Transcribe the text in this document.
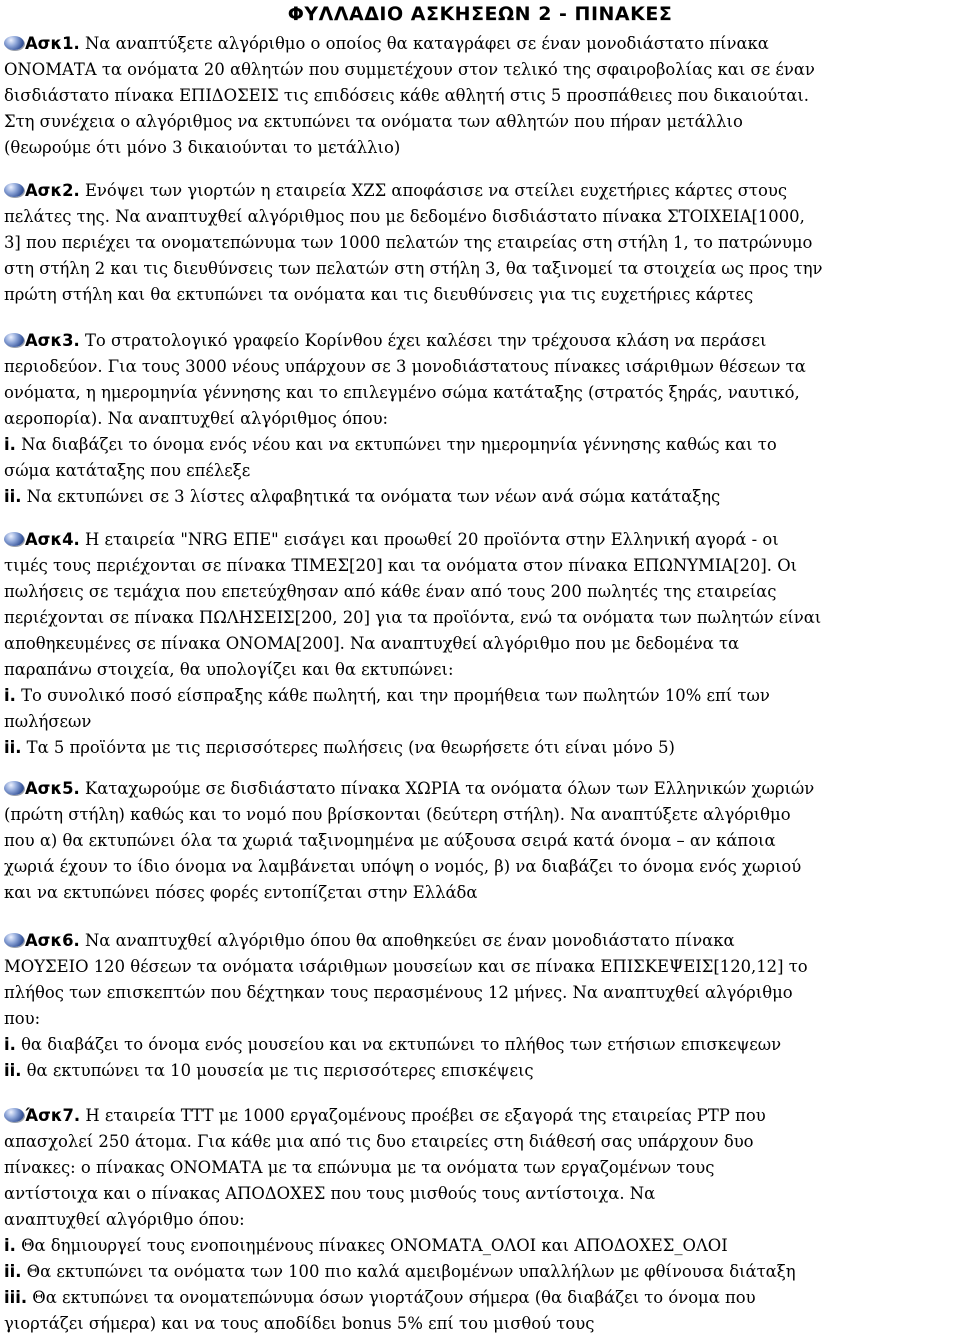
ΦΥΛΛΑΔΙΟ ΑΣΚΗΣΕΩΝ 2 - ΠΙΝΑΚΕΣ
Ασκ1. Να αναπτύξετε αλγόριθμο ο οποίος θα καταγράφει σε έναν μονοδιάστατο πίνακα
ΟΝΟΜΑΤΑ τα ονόματα 20 αθλητών που συμμετέχουν στον τελικό της σφαιροβολίας και σε έναν
δισδιάστατο πίνακα ΕΠΙΔΟΣΕΙΣ τις επιδόσεις κάθε αθλητή στις 5 προσπάθειες που δικαιούται.
Στη συνέχεια ο αλγόριθμος να εκτυπώνει τα ονόματα των αθλητών που πήραν μετάλλιο
(θεωρούμε ότι μόνο 3 δικαιούνται το μετάλλιο)
Ασκ2. Ενόψει των γιορτών η εταιρεία ΧΖΣ αποφάσισε να στείλει ευχετήριες κάρτες στους
πελάτες της. Να αναπτυχθεί αλγόριθμος που με δεδομένο δισδιάστατο πίνακα ΣΤΟΙΧΕΙΑ[1000,
3] που περιέχει τα ονοματεπώνυμα των 1000 πελατών της εταιρείας στη στήλη 1, το πατρώνυμο
στη στήλη 2 και τις διευθύνσεις των πελατών στη στήλη 3, θα ταξινομεί τα στοιχεία ως προς την
πρώτη στήλη και θα εκτυπώνει τα ονόματα και τις διευθύνσεις για τις ευχετήριες κάρτες
Ασκ3. Το στρατολογικό γραφείο Κορίνθου έχει καλέσει την τρέχουσα κλάση να περάσει
περιοδεύον. Για τους 3000 νέους υπάρχουν σε 3 μονοδιάστατους πίνακες ισάριθμων θέσεων τα
ονόματα, η ημερομηνία γέννησης και το επιλεγμένο σώμα κατάταξης (στρατός ξηράς, ναυτικό,
αεροπορία). Να αναπτυχθεί αλγόριθμος όπου:
i. Να διαβάζει το όνομα ενός νέου και να εκτυπώνει την ημερομηνία γέννησης καθώς και το
σώμα κατάταξης που επέλεξε
ii. Να εκτυπώνει σε 3 λίστες αλφαβητικά τα ονόματα των νέων ανά σώμα κατάταξης
Ασκ4. Η εταιρεία "NRG ΕΠΕ" εισάγει και προωθεί 20 προϊόντα στην Ελληνική αγορά - οι
τιμές τους περιέχονται σε πίνακα ΤΙΜΕΣ[20] και τα ονόματα στον πίνακα ΕΠΩΝΥΜΙΑ[20]. Οι
πωλήσεις σε τεμάχια που επετεύχθησαν από κάθε έναν από τους 200 πωλητές της εταιρείας
περιέχονται σε πίνακα ΠΩΛΗΣΕΙΣ[200, 20] για τα προϊόντα, ενώ τα ονόματα των πωλητών είναι
αποθηκευμένες σε πίνακα ΟΝΟΜΑ[200]. Να αναπτυχθεί αλγόριθμο που με δεδομένα τα
παραπάνω στοιχεία, θα υπολογίζει και θα εκτυπώνει:
i. Το συνολικό ποσό είσπραξης κάθε πωλητή, και την προμήθεια των πωλητών 10% επί των
πωλήσεων
ii. Τα 5 προϊόντα με τις περισσότερες πωλήσεις (να θεωρήσετε ότι είναι μόνο 5)
Ασκ5. Καταχωρούμε σε δισδιάστατο πίνακα ΧΩΡΙΑ τα ονόματα όλων των Ελληνικών χωριών
(πρώτη στήλη) καθώς και το νομό που βρίσκονται (δεύτερη στήλη). Να αναπτύξετε αλγόριθμο
που α) θα εκτυπώνει όλα τα χωριά ταξινομημένα με αύξουσα σειρά κατά όνομα – αν κάποια
χωριά έχουν το ίδιο όνομα να λαμβάνεται υπόψη ο νομός, β) να διαβάζει το όνομα ενός χωριού
και να εκτυπώνει πόσες φορές εντοπίζεται στην Ελλάδα
Ασκ6. Να αναπτυχθεί αλγόριθμο όπου θα αποθηκεύει σε έναν μονοδιάστατο πίνακα
ΜΟΥΣΕΙΟ 120 θέσεων τα ονόματα ισάριθμων μουσείων και σε πίνακα ΕΠΙΣΚΕΨΕΙΣ[120,12] το
πλήθος των επισκεπτών που δέχτηκαν τους περασμένους 12 μήνες. Να αναπτυχθεί αλγόριθμο
που:
i. θα διαβάζει το όνομα ενός μουσείου και να εκτυπώνει το πλήθος των ετήσιων επισκεψεων
ii. θα εκτυπώνει τα 10 μουσεία με τις περισσότερες επισκέψεις
Άσκ7. Η εταιρεία ΤΤΤ με 1000 εργαζομένους προέβει σε εξαγορά της εταιρείας ΡΤΡ που
απασχολεί 250 άτομα. Για κάθε μια από τις δυο εταιρείες στη διάθεσή σας υπάρχουν δυο
πίνακες: ο πίνακας ΟΝΟΜΑΤΑ με τα επώνυμα με τα ονόματα των εργαζομένων τους
αντίστοιχα και ο πίνακας ΑΠΟΔΟΧΕΣ που τους μισθούς τους αντίστοιχα. Να
αναπτυχθεί αλγόριθμο όπου:
i. Θα δημιουργεί τους ενοποιημένους πίνακες ΟΝΟΜΑΤΑ_ΟΛΟΙ και ΑΠΟΔΟΧΕΣ_ΟΛΟΙ
ii. Θα εκτυπώνει τα ονόματα των 100 πιο καλά αμειβομένων υπαλλήλων με φθίνουσα διάταξη
iii. Θα εκτυπώνει τα ονοματεπώνυμα όσων γιορτάζουν σήμερα (θα διαβάζει το όνομα που
γιορτάζει σήμερα) και να τους αποδίδει bonus 5% επί του μισθού τους
